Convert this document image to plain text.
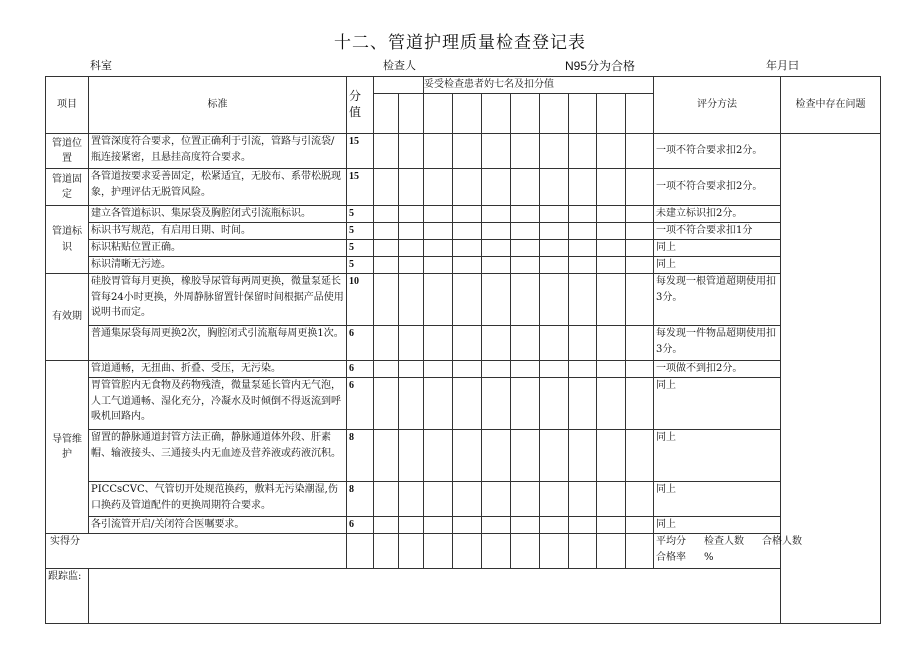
十二、管道护理质量检查登记表
科室	检查人	N95分为合格	年月曰
项目	标准	分值			妥受检查患者妁七名及扣分值								评分方法	检查中存在问题

管道位置	置管深度符合要求，位置正确利于引流，管路与引流袋/瓶连接紧密，且悬挂高度符合要求。	15											一项不符合要求扣2分。	
管道固定	各管道按要求妥善固定，松紧适宜，无胶布、系带松脱现象，护理评估无脱管风险。	15											一项不符合要求扣2分。	
管道标识	建立各管道标识、集尿袋及胸腔闭式引流瓶标识。	5											未建立标识扣2分。	
	标识书写规范，有启用日期、时间。	5											一项不符合要求扣1分	
	标识粘贴位置正确。	5											同上	
	标识清晰无污迹。	5											同上	
有效期	硅胶胃管每月更换，橡胶导尿管每两周更换，微量泵延长管每24小时更换，外周静脉留置针保留时间根据产品使用说明书而定。	10											每发现一根管道超期使用扣3分。	
	普通集尿袋每周更换2次，胸腔闭式引流瓶每周更换1次。	6											每发现一件物品超期使用扣3分。	
导管维护	管道通畅，无扭曲、折叠、受压，无污染。	6											一项做不到扣2分。	
	胃管管腔内无食物及药物残渣，微量泵延长管内无气泡，人工气道通畅、湿化充分，冷凝水及时倾倒不得返流到呼吸机回路内。	6											同上	
	留置的静脉通道封管方法正确，静脉通道体外段、肝素帽、输液接头、三通接头内无血迹及营养液或药液沉积。	8											同上	
	PICCsCVC、气管切开处规范换药，敷料无污染潮湿,伤口换药及管道配件的更换周期符合要求。	8											同上	
	各引流管开启/关闭符合医嘱要求。	6											同上	
实得分													平均分 检查人数 合格人数
合格率 %	
跟踪监:														
